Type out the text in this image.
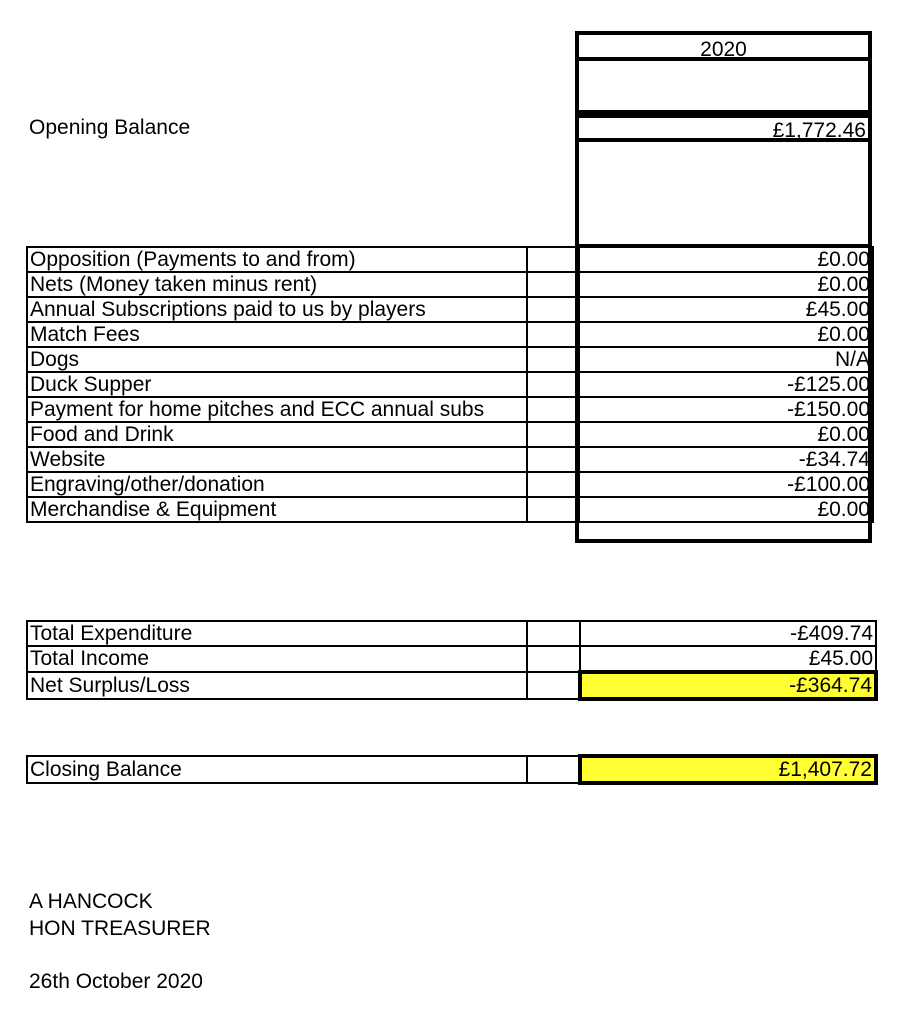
2020
Opening Balance	£1,772.46
Opposition (Payments to and from)		£0.00
Nets (Money taken minus rent)		£0.00
Annual Subscriptions paid to us by players		£45.00
Match Fees		£0.00
Dogs		N/A
Duck Supper		-£125.00
Payment for home pitches and ECC annual subs		-£150.00
Food and Drink		£0.00
Website		-£34.74
Engraving/other/donation		-£100.00
Merchandise & Equipment		£0.00
Total Expenditure		-£409.74
Total Income		£45.00
Net Surplus/Loss		-£364.74
Closing Balance		£1,407.72
A HANCOCK
HON TREASURER
26th October 2020
